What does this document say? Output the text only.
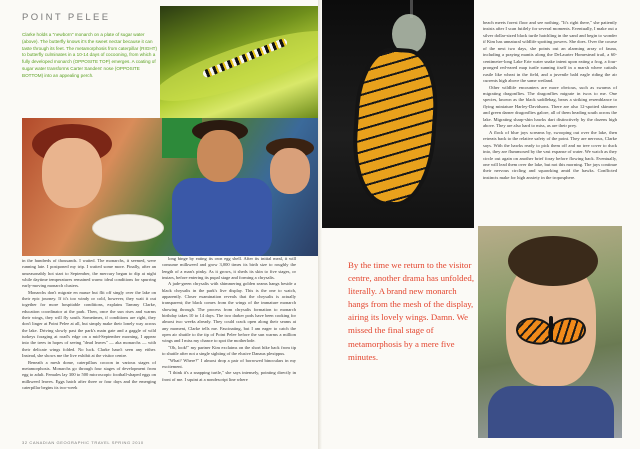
POINT PELEE
Clarke holds a "newborn" monarch on a plate of sugar water (above). The butterfly knows it's the sweet nectar because it can taste through its feet. The metamorphosis from caterpillar (RIGHT) to butterfly culminates in a 10-14 days of cocooning, from which a fully developed monarch (OPPOSITE TOP) emerges. A coating of sugar water transforms Carter Sanders' nose (OPPOSITE BOTTOM) into an appealing perch.

in the hundreds of thousands. I waited. The monarchs, it seemed, were running late. I postponed my trip. I waited some more. Finally, after an unseasonably hot start to September, the mercury began to dip at night while daytime temperatures remained warm: ideal conditions for spurring early-moving monarch clusters.

Monarchs don't migrate en masse but flit off singly over the lake on their epic journey. If it's too windy or cold, however, they wait it out together for more hospitable conditions, explains Tammy Clarke, education coordinator at the park. Then, once the sun rises and warms their wings, they will fly south. Sometimes, if conditions are right, they don't linger at Point Pelee at all, but simply make their lonely way across the lake. Driving slowly past the park's main gate and a gaggle of wild turkeys foraging at road's edge on a mid-September morning, I appear into the trees in hopes of seeing "dead leaves" — aka monarchs — with their delicate wings folded. No luck. Clarke hasn't seen any either. Instead, she shows me the live exhibit at the visitor centre.

Beneath a mesh dome, caterpillars cocoon in various stages of metamorphosis. Monarchs go through four stages of development from egg to adult. Females lay 300 to 500 microscopic football-shaped eggs on milkweed leaves. Eggs hatch after three or four days and the emerging caterpillar begins its two-week

long binge by eating its own egg shell. After its initial meal, it will consume milkweed and grow 3,000 times its birth size to roughly the length of a man's pinky. As it grows, it sheds its skin to five stages, or instars, before entering its pupal stage and forming a chrysalis.

A jade-green chrysalis with shimmering golden seams hangs beside a black chrysalis in the park's live display. This is the one to watch, apparently. Closer examination reveals that the chrysalis is actually transparent; the black comes from the wings of the immature monarch showing through. The process from chrysalis formation to monarch birthday takes 10 to 14 days. The two darker pods have been cooking for almost two weeks already. They could crack open along their seams at any moment, Clarke tells me. Fascinating, but I am eager to catch the open air shuttle to the tip of Point Pelee before the sun warms a million wings and I miss my chance to spot the motherlode.

"Oh, look!" my partner Kim exclaims on the short hike back from tip to shuttle after not a single sighting of the elusive Danaus plexippus.

"What? Where?" I almost drop a pair of borrowed binoculars in my excitement.

"I think it's a snapping turtle," she says intensely, pointing directly in front of me. I squint at a nondescript line where

32 CANADIAN GEOGRAPHIC TRAVEL SPRING 2010

beach meets forest floor and see nothing. "It's right there," she patiently insists after I scan futilely for several moments. Eventually, I make out a silver dollar-sized black turtle hatchling in the sand and begin to wonder if Kim has unnatural wildlife spotting powers. She does. Over the course of the next two days, she points out an alarming array of fauna, including a praying mantis along the DeLaurier Homestead trail, a 60-centimetre-long Lake Erie water snake intent upon eating a frog, a four-pronged red-eared map turtle sunning itself in a marsh where cattails rustle like wheat in the field, and a juvenile bald eagle riding the air currents high above the same wetland.

Other wildlife encounters are more obvious, such as swarms of migrating dragonflies. The dragonflies migrate in twos to me. One species, known as the black saddlebag, bears a striking resemblance to flying miniature Harley-Davidsons. There are also 12-spotted skimmer and green darner dragonflies galore, all of them heading south across the lake. Migrating sharp-shin hawks dart distinctively by the dozens high above. They are also hard to miss, as are their prey.

A flock of blue jays screams by, swooping out over the lake, then retreats back to the relative safety of the point. They are nervous, Clarke says. With the hawks ready to pick them off and no tree cover to duck into, they are flummoxed by the vast expanse of water. We watch as they circle out again on another brief foray before flowing back. Eventually, one will lead them over the lake, but not this morning. The jays continue their nervous circling and squawking amid the hawks. Conflicted instincts make for high anxiety in the troposphere.

By the time we return to the visitor centre, another drama has unfolded, literally. A brand new monarch hangs from the mesh of the display, airing its lovely wings. Damn. We missed the final stage of metamorphosis by a mere five minutes.
